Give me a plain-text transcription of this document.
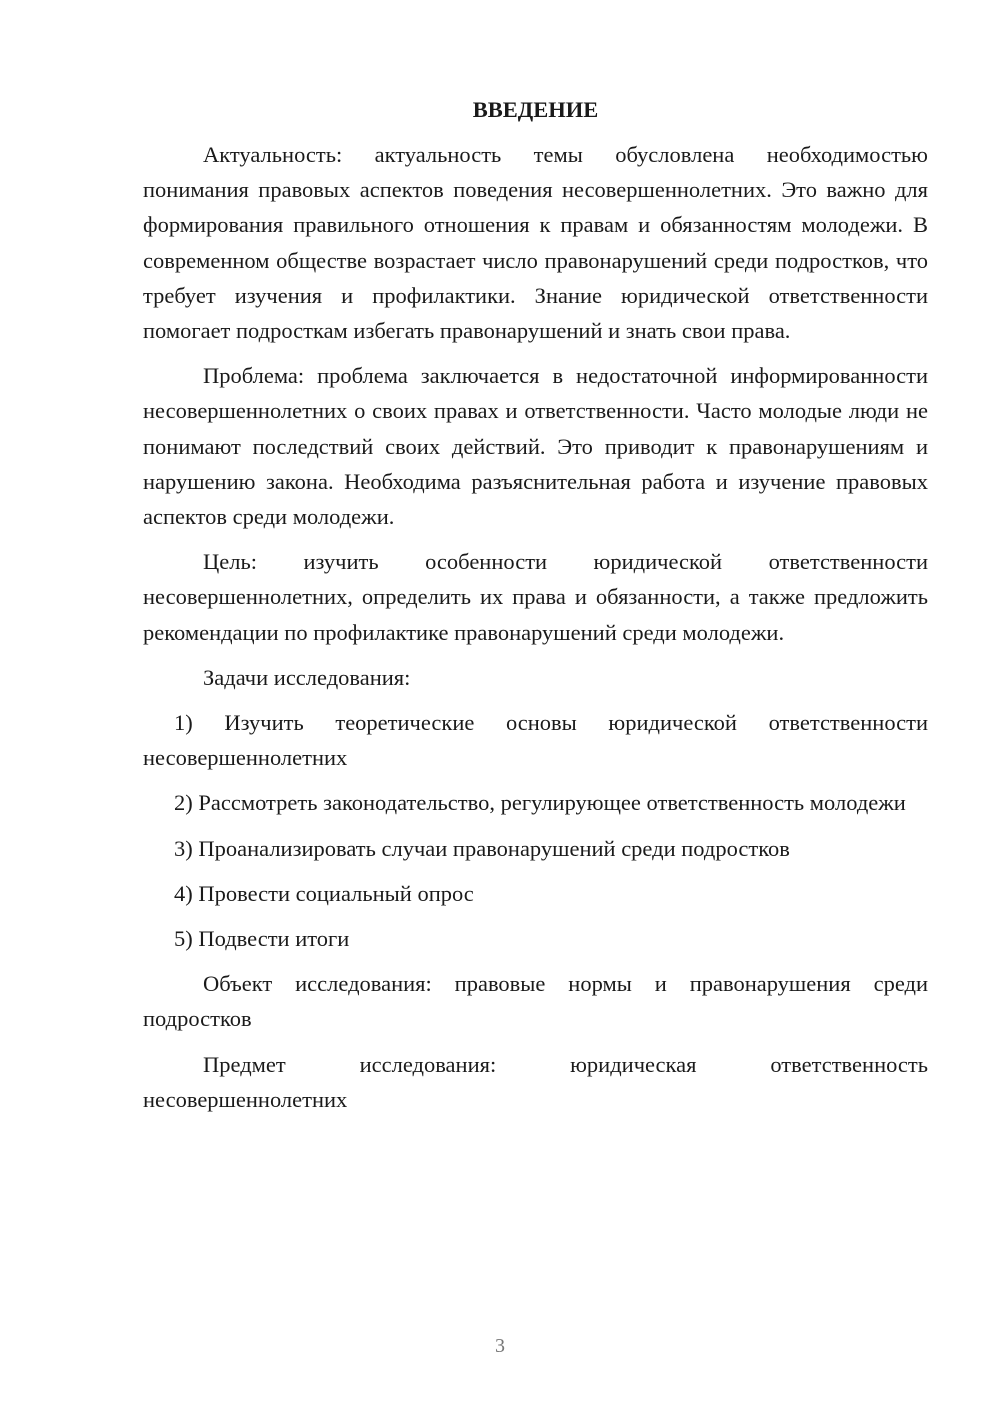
ВВЕДЕНИЕ

Актуальность: актуальность темы обусловлена необходимостью понимания правовых аспектов поведения несовершеннолетних. Это важно для формирования правильного отношения к правам и обязанностям молодежи. В современном обществе возрастает число правонарушений среди подростков, что требует изучения и профилактики. Знание юридической ответственности помогает подросткам избегать правонарушений и знать свои права.

Проблема: проблема заключается в недостаточной информированности несовершеннолетних о своих правах и ответственности. Часто молодые люди не понимают последствий своих действий. Это приводит к правонарушениям и нарушению закона. Необходима разъяснительная работа и изучение правовых аспектов среди молодежи.

Цель: изучить особенности юридической ответственности несовершеннолетних, определить их права и обязанности, а также предложить рекомендации по профилактике правонарушений среди молодежи.

Задачи исследования:

1) Изучить теоретические основы юридической ответственности несовершеннолетних

2) Рассмотреть законодательство, регулирующее ответственность молодежи

3) Проанализировать случаи правонарушений среди подростков

4) Провести социальный опрос

5) Подвести итоги

Объект исследования: правовые нормы и правонарушения среди подростков

Предмет исследования: юридическая ответственность несовершеннолетних

3
